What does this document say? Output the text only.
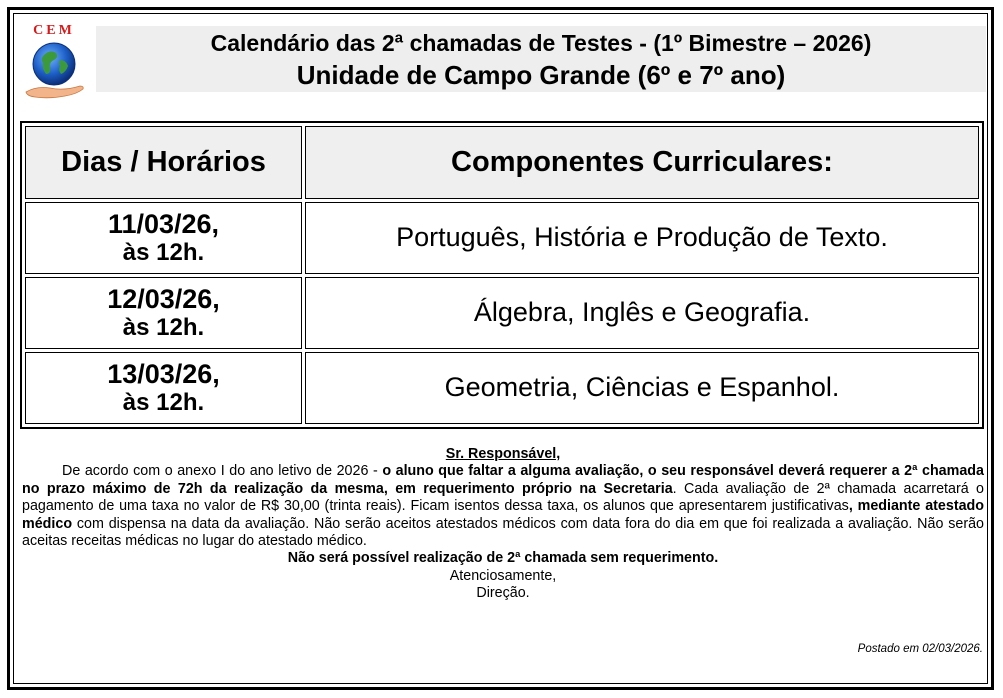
CEM	Calendário das 2ª chamadas de Testes - (1º Bimestre – 2026)
Unidade de Campo Grande (6º e 7º ano)
Dias / Horários	Componentes Curriculares:

11/03/26,
às 12h.	Português, História e Produção de Texto.

12/03/26,
às 12h.	Álgebra, Inglês e Geografia.

13/03/26,
às 12h.	Geometria, Ciências e Espanhol.

Sr. Responsável,

De acordo com o anexo I do ano letivo de 2026 - o aluno que faltar a alguma avaliação, o seu responsável deverá requerer a 2ª chamada no prazo máximo de 72h da realização da mesma, em requerimento próprio na Secretaria. Cada avaliação de 2ª chamada acarretará o pagamento de uma taxa no valor de R$ 30,00 (trinta reais). Ficam isentos dessa taxa, os alunos que apresentarem justificativas, mediante atestado médico com dispensa na data da avaliação. Não serão aceitos atestados médicos com data fora do dia em que foi realizada a avaliação. Não serão aceitas receitas médicas no lugar do atestado médico.

Não será possível realização de 2ª chamada sem requerimento.

Atenciosamente,

Direção.

Postado em 02/03/2026.
